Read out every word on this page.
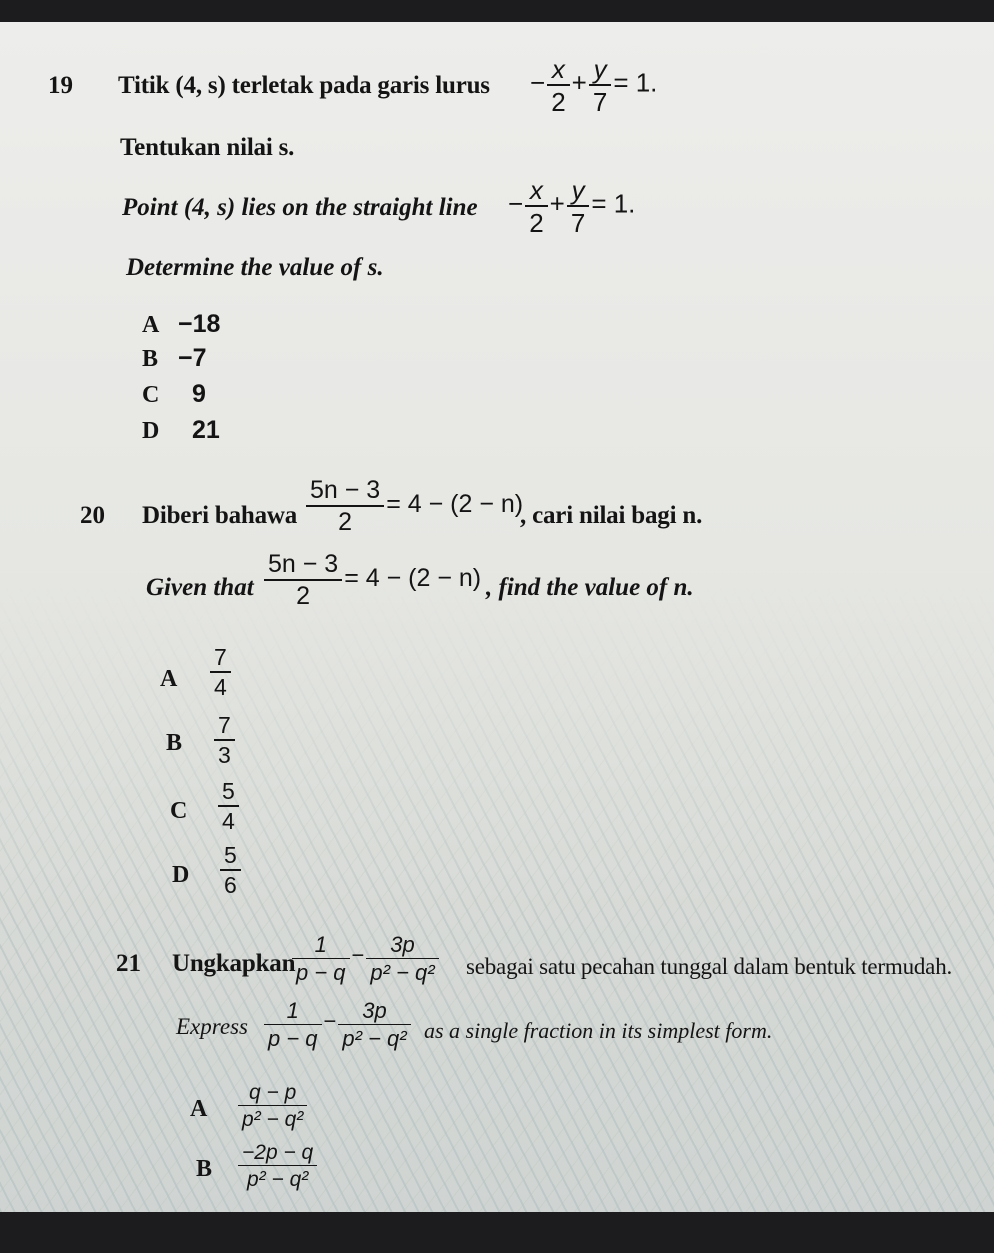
19 Titik (4, s) terletak pada garis lurus − $\frac{x}{2} + \frac{y}{7} = 1$.
Tentukan nilai s.
Point (4, s) lies on the straight line − $\frac{x}{2} + \frac{y}{7} = 1$.
Determine the value of s.
A −18
B −7
C 9
D 21
20 Diberi bahawa $\frac{5n - 3}{2} = 4 - (2 - n)$
, cari nilai bagi n.
Given that $\frac{5n - 3}{2} = 4 - (2 - n)$ , find the value of n.
A $\frac{7}{4}$
B $\frac{7}{3}$
C $\frac{5}{4}$
D $\frac{5}{6}$
21 Ungkapkan
$\frac{1}{p - q} - \frac{3p}{\text{p² − q²}}$ sebagai satu pecahan tunggal dalam bentuk termudah.
Express $\frac{1}{p - q} - \frac{3p}{\text{p² − q²}}$ as a single fraction in its simplest form.
A $\frac{q - p}{\text{p² − q²}}$
B $\frac{-2p - q}{\text{p² − q²}}$
